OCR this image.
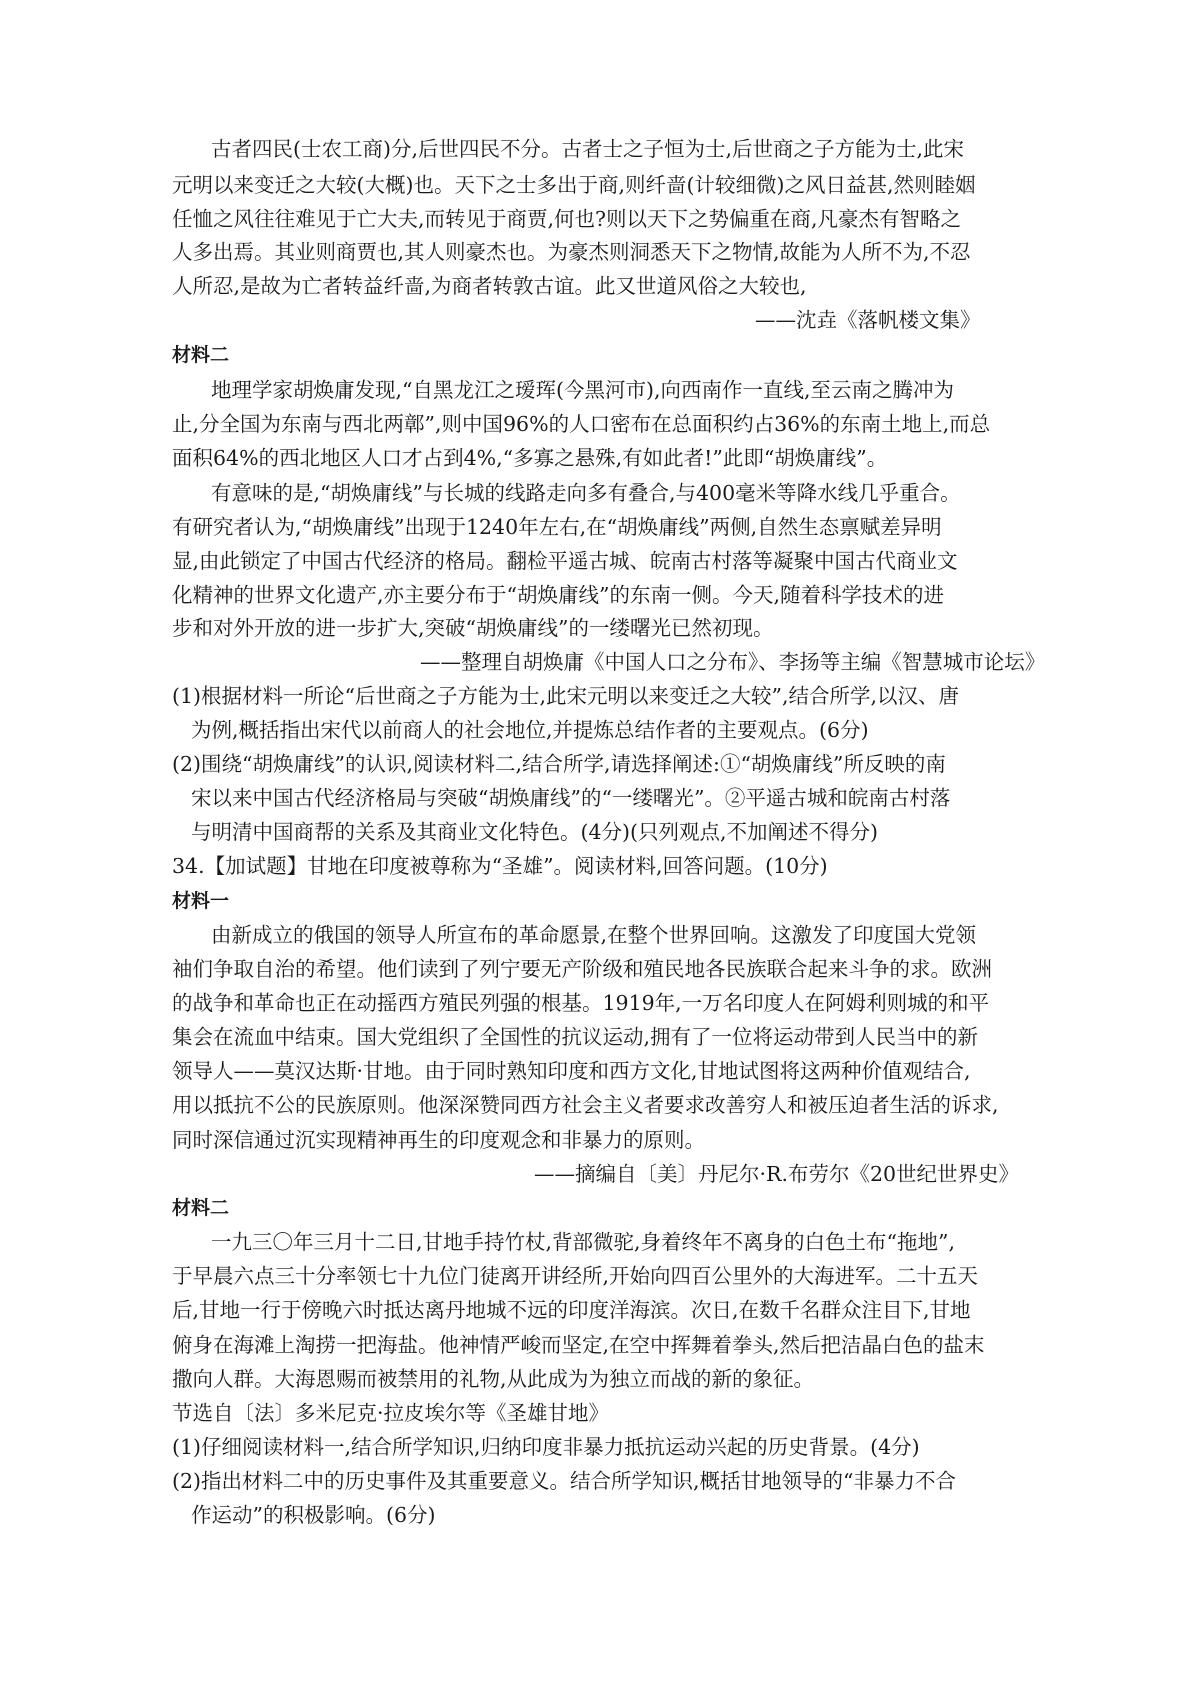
古者四民(士农工商)分,后世四民不分。古者士之子恒为士,后世商之子方能为士,此宋
元明以来变迁之大较(大概)也。天下之士多出于商,则纤啬(计较细微)之风日益甚,然则睦姻
任恤之风往往难见于亡大夫,而转见于商贾,何也?则以天下之势偏重在商,凡豪杰有智略之
人多出焉。其业则商贾也,其人则豪杰也。为豪杰则洞悉天下之物情,故能为人所不为,不忍
人所忍,是故为亡者转益纤啬,为商者转敦古谊。此又世道风俗之大较也,
——沈垚《落帆楼文集》
材料二
地理学家胡焕庸发现,“自黑龙江之瑷珲(今黑河市),向西南作一直线,至云南之腾冲为
止,分全国为东南与西北两鄣”,则中国96%的人口密布在总面积约占36%的东南土地上,而总
面积64%的西北地区人口才占到4%,“多寡之悬殊,有如此者!”此即“胡焕庸线”。
有意味的是,“胡焕庸线”与长城的线路走向多有叠合,与400毫米等降水线几乎重合。
有研究者认为,“胡焕庸线”出现于1240年左右,在“胡焕庸线”两侧,自然生态禀赋差异明
显,由此锁定了中国古代经济的格局。翻检平遥古城、皖南古村落等凝聚中国古代商业文
化精神的世界文化遗产,亦主要分布于“胡焕庸线”的东南一侧。今天,随着科学技术的进
步和对外开放的进一步扩大,突破“胡焕庸线”的一缕曙光已然初现。
——整理自胡焕庸《中国人口之分布》、李扬等主编《智慧城市论坛》
(1)根据材料一所论“后世商之子方能为士,此宋元明以来变迁之大较”,结合所学,以汉、唐
为例,概括指出宋代以前商人的社会地位,并提炼总结作者的主要观点。(6分)
(2)围绕“胡焕庸线”的认识,阅读材料二,结合所学,请选择阐述:①“胡焕庸线”所反映的南
宋以来中国古代经济格局与突破“胡焕庸线”的“一缕曙光”。②平遥古城和皖南古村落
与明清中国商帮的关系及其商业文化特色。(4分)(只列观点,不加阐述不得分)
34.【加试题】甘地在印度被尊称为“圣雄”。阅读材料,回答问题。(10分)
材料一
由新成立的俄国的领导人所宣布的革命愿景,在整个世界回响。这激发了印度国大党领
袖们争取自治的希望。他们读到了列宁要无产阶级和殖民地各民族联合起来斗争的求。欧洲
的战争和革命也正在动摇西方殖民列强的根基。1919年,一万名印度人在阿姆利则城的和平
集会在流血中结束。国大党组织了全国性的抗议运动,拥有了一位将运动带到人民当中的新
领导人——莫汉达斯·甘地。由于同时熟知印度和西方文化,甘地试图将这两种价值观结合,
用以抵抗不公的民族原则。他深深赞同西方社会主义者要求改善穷人和被压迫者生活的诉求,
同时深信通过沉实现精神再生的印度观念和非暴力的原则。
——摘编自〔美〕丹尼尔·R.布劳尔《20世纪世界史》
材料二
一九三〇年三月十二日,甘地手持竹杖,背部微驼,身着终年不离身的白色土布“拖地”,
于早晨六点三十分率领七十九位门徒离开讲经所,开始向四百公里外的大海进军。二十五天
后,甘地一行于傍晚六时抵达离丹地城不远的印度洋海滨。次日,在数千名群众注目下,甘地
俯身在海滩上淘捞一把海盐。他神情严峻而坚定,在空中挥舞着拳头,然后把洁晶白色的盐末
撒向人群。大海恩赐而被禁用的礼物,从此成为为独立而战的新的象征。
节选自〔法〕多米尼克·拉皮埃尔等《圣雄甘地》
(1)仔细阅读材料一,结合所学知识,归纳印度非暴力抵抗运动兴起的历史背景。(4分)
(2)指出材料二中的历史事件及其重要意义。结合所学知识,概括甘地领导的“非暴力不合
作运动”的积极影响。(6分)
